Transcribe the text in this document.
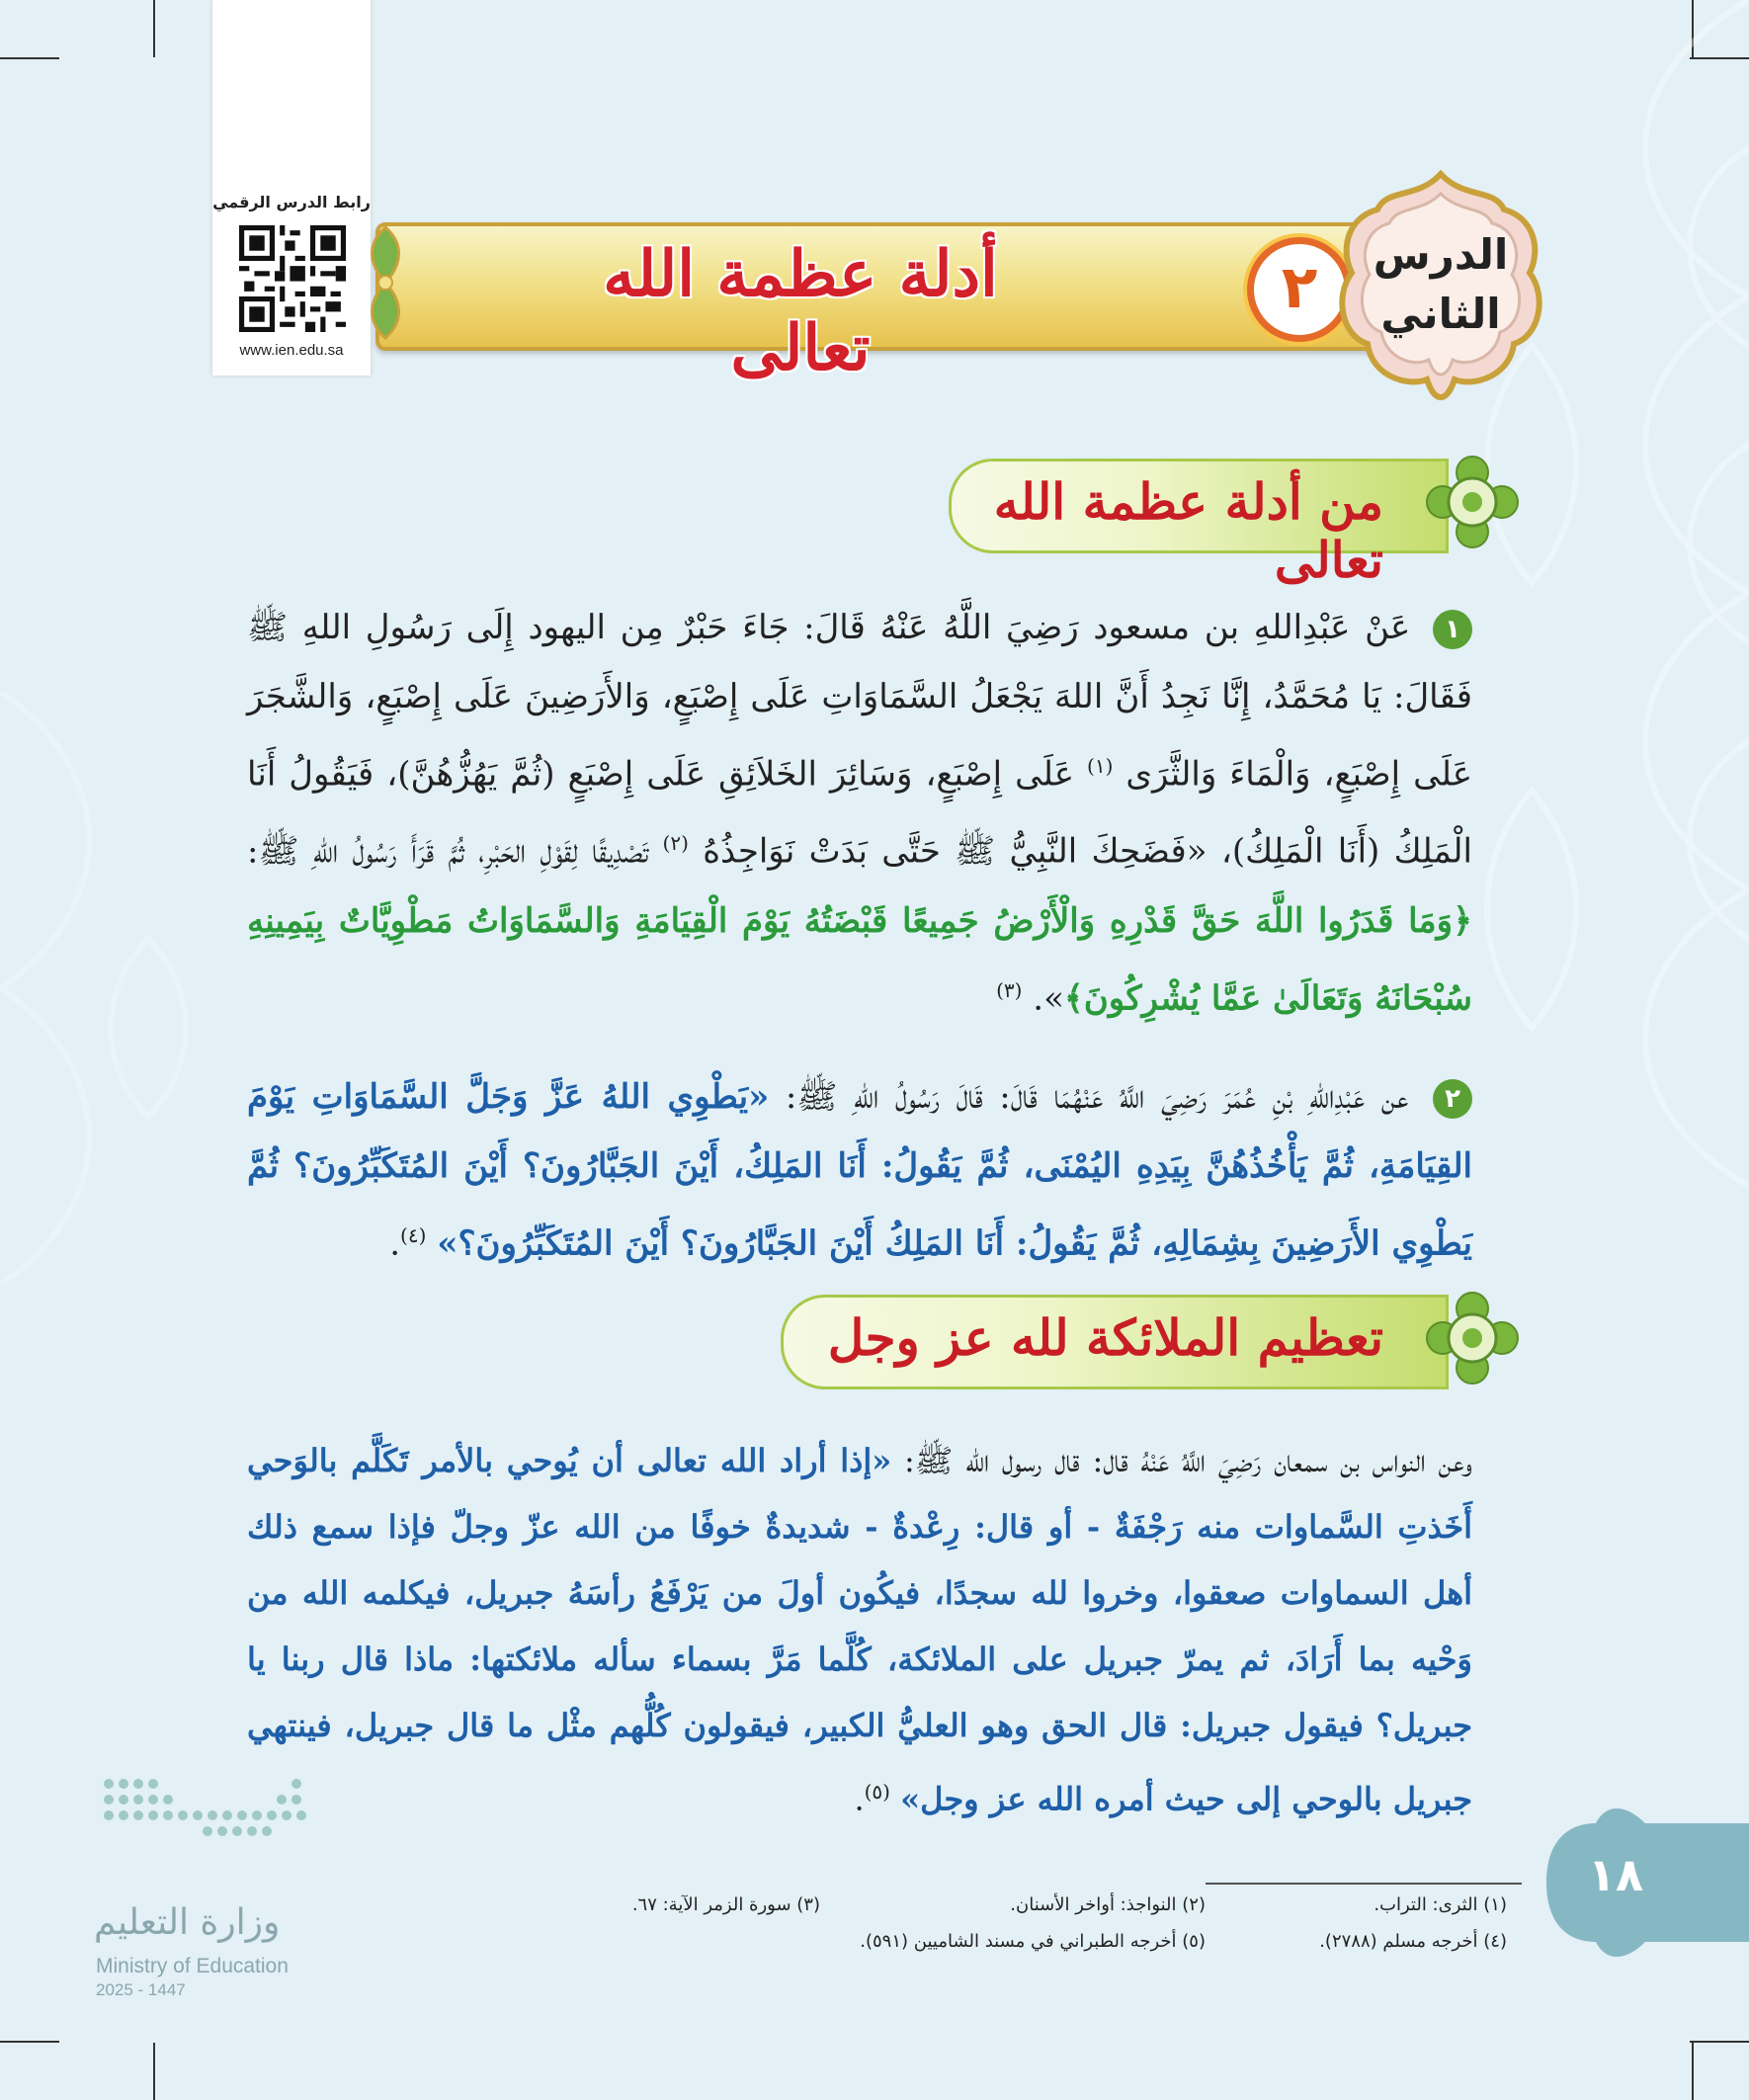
رابط الدرس الرقمي
www.ien.edu.sa
أدلة عظمة الله تعالى
٢	الدرس
الثاني
من أدلة عظمة الله تعالى

١ عَنْ عَبْدِاللهِ بن مسعود رَضِيَ اللَّهُ عَنْهُ قَالَ: جَاءَ حَبْرٌ مِن اليهود إِلَى رَسُولِ اللهِ ﷺ فَقَالَ: يَا مُحَمَّدُ، إِنَّا نَجِدُ أَنَّ اللهَ يَجْعَلُ السَّمَاوَاتِ عَلَى إِصْبَعٍ، وَالأَرَضِينَ عَلَى إِصْبَعٍ، وَالشَّجَرَ عَلَى إِصْبَعٍ، وَالْمَاءَ وَالثَّرَى $^{(١)}$ عَلَى إِصْبَعٍ، وَسَائِرَ الخَلاَئِقِ عَلَى إِصْبَعٍ (ثُمَّ يَهُزُّهُنَّ)، فَيَقُولُ أَنَا الْمَلِكُ (أَنَا الْمَلِكُ)، «فَضَحِكَ النَّبِيُّ ﷺ حَتَّى بَدَتْ نَوَاجِذُهُ $^{(٢)}$ تَصْدِيقًا لِقَوْلِ الحَبْرِ، ثُمَّ قَرَأَ رَسُولُ اللهِ ﷺ: ﴿وَمَا قَدَرُوا اللَّهَ حَقَّ قَدْرِهِ وَالْأَرْضُ جَمِيعًا قَبْضَتُهُ يَوْمَ الْقِيَامَةِ وَالسَّمَاوَاتُ مَطْوِيَّاتٌ بِيَمِينِهِ سُبْحَانَهُ وَتَعَالَىٰ عَمَّا يُشْرِكُونَ﴾». $^{(٣)}$

٢ عن عَبْدِاللهِ بْنِ عُمَرَ رَضِيَ اللَّهُ عَنْهُمَا قَالَ: قَالَ رَسُولُ اللهِ ﷺ: «يَطْوِي اللهُ عَزَّ وَجَلَّ السَّمَاوَاتِ يَوْمَ القِيَامَةِ، ثُمَّ يَأْخُذُهُنَّ بِيَدِهِ اليُمْنَى، ثُمَّ يَقُولُ: أَنَا المَلِكُ، أَيْنَ الجَبَّارُونَ؟ أَيْنَ المُتَكَبِّرُونَ؟ ثُمَّ يَطْوِي الأَرَضِينَ بِشِمَالِهِ، ثُمَّ يَقُولُ: أَنَا المَلِكُ أَيْنَ الجَبَّارُونَ؟ أَيْنَ المُتَكَبِّرُونَ؟» $^{(٤)}$.

تعظيم الملائكة لله عز وجل

وعن النواس بن سمعان رَضِيَ اللَّهُ عَنْهُ قال: قال رسول الله ﷺ: «إذا أراد الله تعالى أن يُوحي بالأمر تَكَلَّم بالوَحي أَخَذتِ السَّماوات منه رَجْفَةٌ - أو قال: رِعْدةٌ - شديدةٌ خوفًا من الله عزّ وجلّ فإذا سمع ذلك أهل السماوات صعقوا، وخروا لله سجدًا، فيكُون أولَ من يَرْفَعُ رأسَهُ جبريل، فيكلمه الله من وَحْيه بما أَرَادَ، ثم يمرّ جبريل على الملائكة، كُلَّما مَرَّ بسماء سأله ملائكتها: ماذا قال ربنا يا جبريل؟ فيقول جبريل: قال الحق وهو العليُّ الكبير، فيقولون كُلُّهم مثْل ما قال جبريل، فينتهي جبريل بالوحي إلى حيث أمره الله عز وجل» $^{(٥)}$.

(١) الثرى: التراب.
(٢) النواجذ: أواخر الأسنان.
(٣) سورة الزمر الآية: ٦٧.
(٤) أخرجه مسلم (٢٧٨٨).
(٥) أخرجه الطبراني في مسند الشاميين (٥٩١).
١٨
وزارة التعليم
Ministry of Education
2025 - 1447
